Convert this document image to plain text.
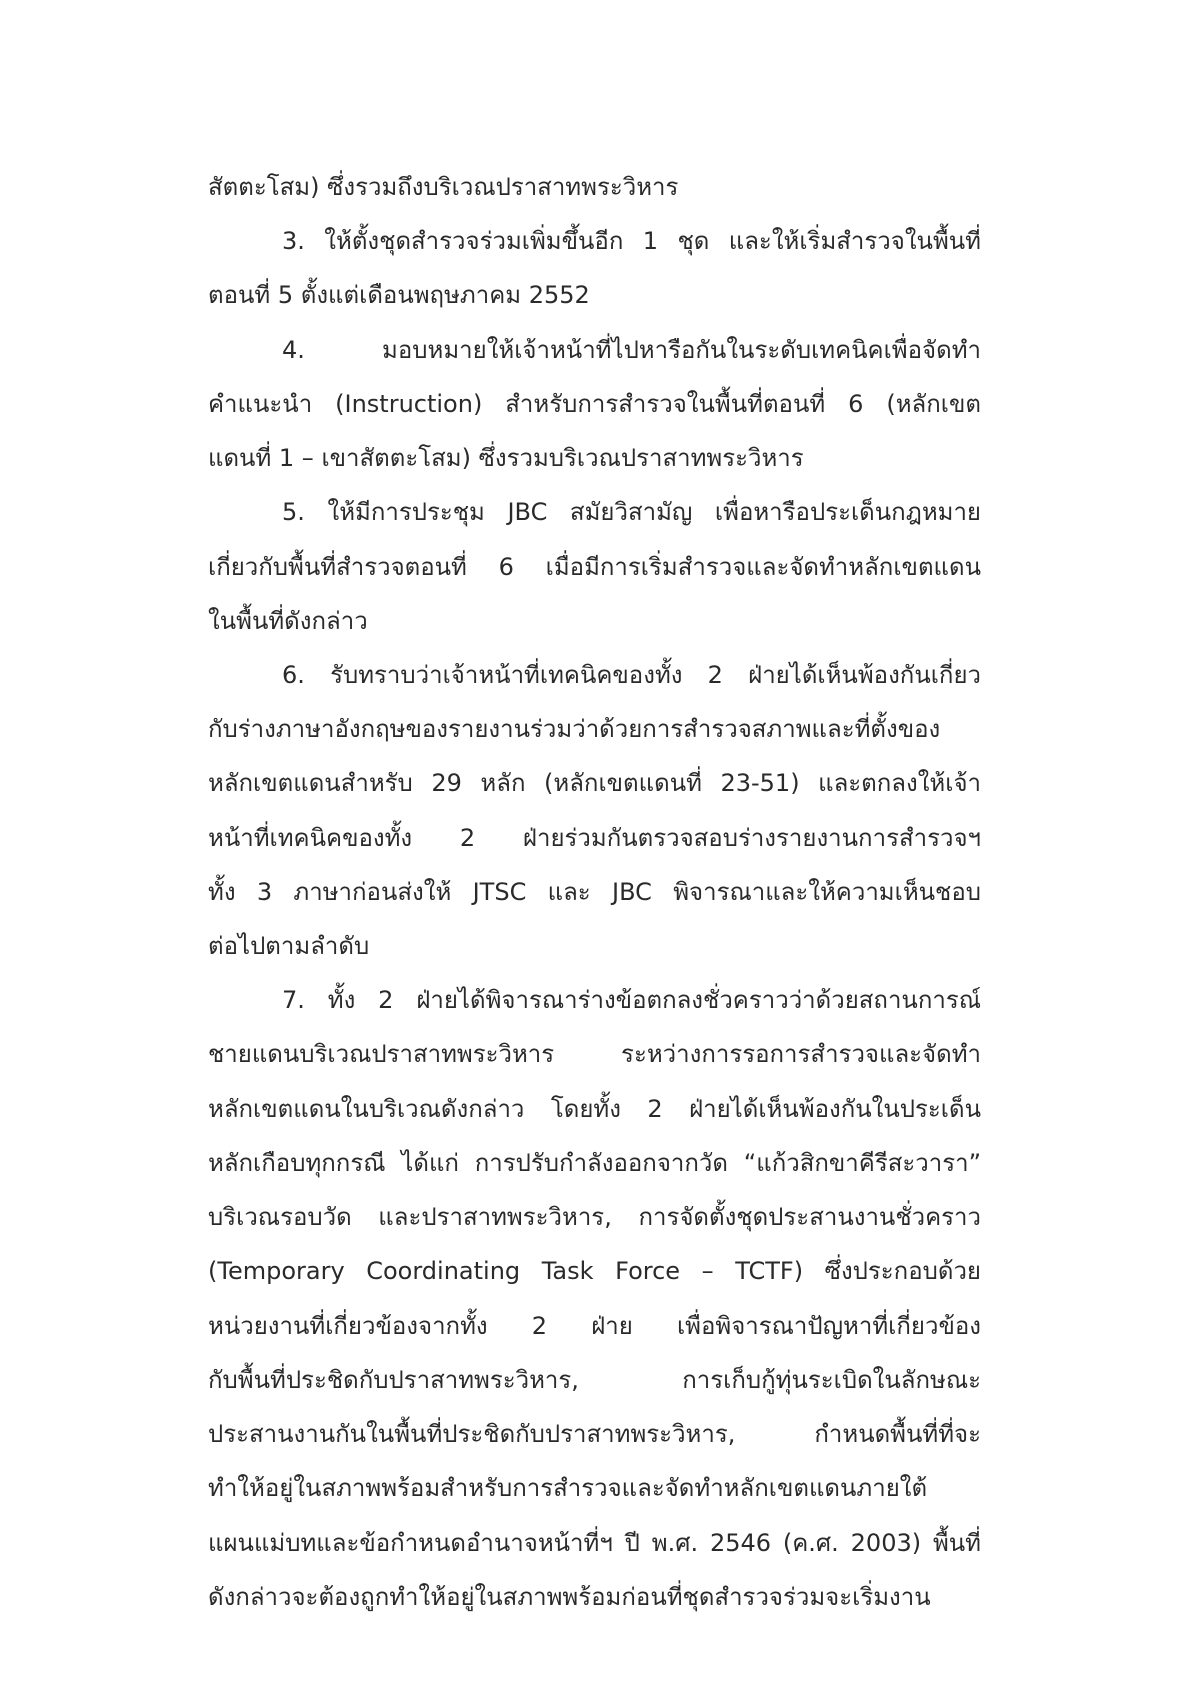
สัตตะโสม) ซึ่งรวมถึงบริเวณปราสาทพระวิหาร
3. ให้ตั้งชุดสำรวจร่วมเพิ่มขึ้นอีก 1 ชุด และให้เริ่มสำรวจในพื้นที่
ตอนที่ 5 ตั้งแต่เดือนพฤษภาคม 2552
4. มอบหมายให้เจ้าหน้าที่ไปหารือกันในระดับเทคนิคเพื่อจัดทำ
คำแนะนำ (Instruction) สำหรับการสำรวจในพื้นที่ตอนที่ 6 (หลักเขต
แดนที่ 1 – เขาสัตตะโสม) ซึ่งรวมบริเวณปราสาทพระวิหาร
5. ให้มีการประชุม JBC สมัยวิสามัญ เพื่อหารือประเด็นกฎหมาย
เกี่ยวกับพื้นที่สำรวจตอนที่ 6 เมื่อมีการเริ่มสำรวจและจัดทำหลักเขตแดน
ในพื้นที่ดังกล่าว
6. รับทราบว่าเจ้าหน้าที่เทคนิคของทั้ง 2 ฝ่ายได้เห็นพ้องกันเกี่ยว
กับร่างภาษาอังกฤษของรายงานร่วมว่าด้วยการสำรวจสภาพและที่ตั้งของ
หลักเขตแดนสำหรับ 29 หลัก (หลักเขตแดนที่ 23-51) และตกลงให้เจ้า
หน้าที่เทคนิคของทั้ง 2 ฝ่ายร่วมกันตรวจสอบร่างรายงานการสำรวจฯ
ทั้ง 3 ภาษาก่อนส่งให้ JTSC และ JBC พิจารณาและให้ความเห็นชอบ
ต่อไปตามลำดับ
7. ทั้ง 2 ฝ่ายได้พิจารณาร่างข้อตกลงชั่วคราวว่าด้วยสถานการณ์
ชายแดนบริเวณปราสาทพระวิหาร ระหว่างการรอการสำรวจและจัดทำ
หลักเขตแดนในบริเวณดังกล่าว โดยทั้ง 2 ฝ่ายได้เห็นพ้องกันในประเด็น
หลักเกือบทุกกรณี ได้แก่ การปรับกำลังออกจากวัด “แก้วสิกขาคีรีสะวารา”
บริเวณรอบวัด และปราสาทพระวิหาร, การจัดตั้งชุดประสานงานชั่วคราว
(Temporary Coordinating Task Force – TCTF) ซึ่งประกอบด้วย
หน่วยงานที่เกี่ยวข้องจากทั้ง 2 ฝ่าย เพื่อพิจารณาปัญหาที่เกี่ยวข้อง
กับพื้นที่ประชิดกับปราสาทพระวิหาร, การเก็บกู้ทุ่นระเบิดในลักษณะ
ประสานงานกันในพื้นที่ประชิดกับปราสาทพระวิหาร, กำหนดพื้นที่ที่จะ
ทำให้อยู่ในสภาพพร้อมสำหรับการสำรวจและจัดทำหลักเขตแดนภายใต้
แผนแม่บทและข้อกำหนดอำนาจหน้าที่ฯ ปี พ.ศ. 2546 (ค.ศ. 2003) พื้นที่
ดังกล่าวจะต้องถูกทำให้อยู่ในสภาพพร้อมก่อนที่ชุดสำรวจร่วมจะเริ่มงาน
